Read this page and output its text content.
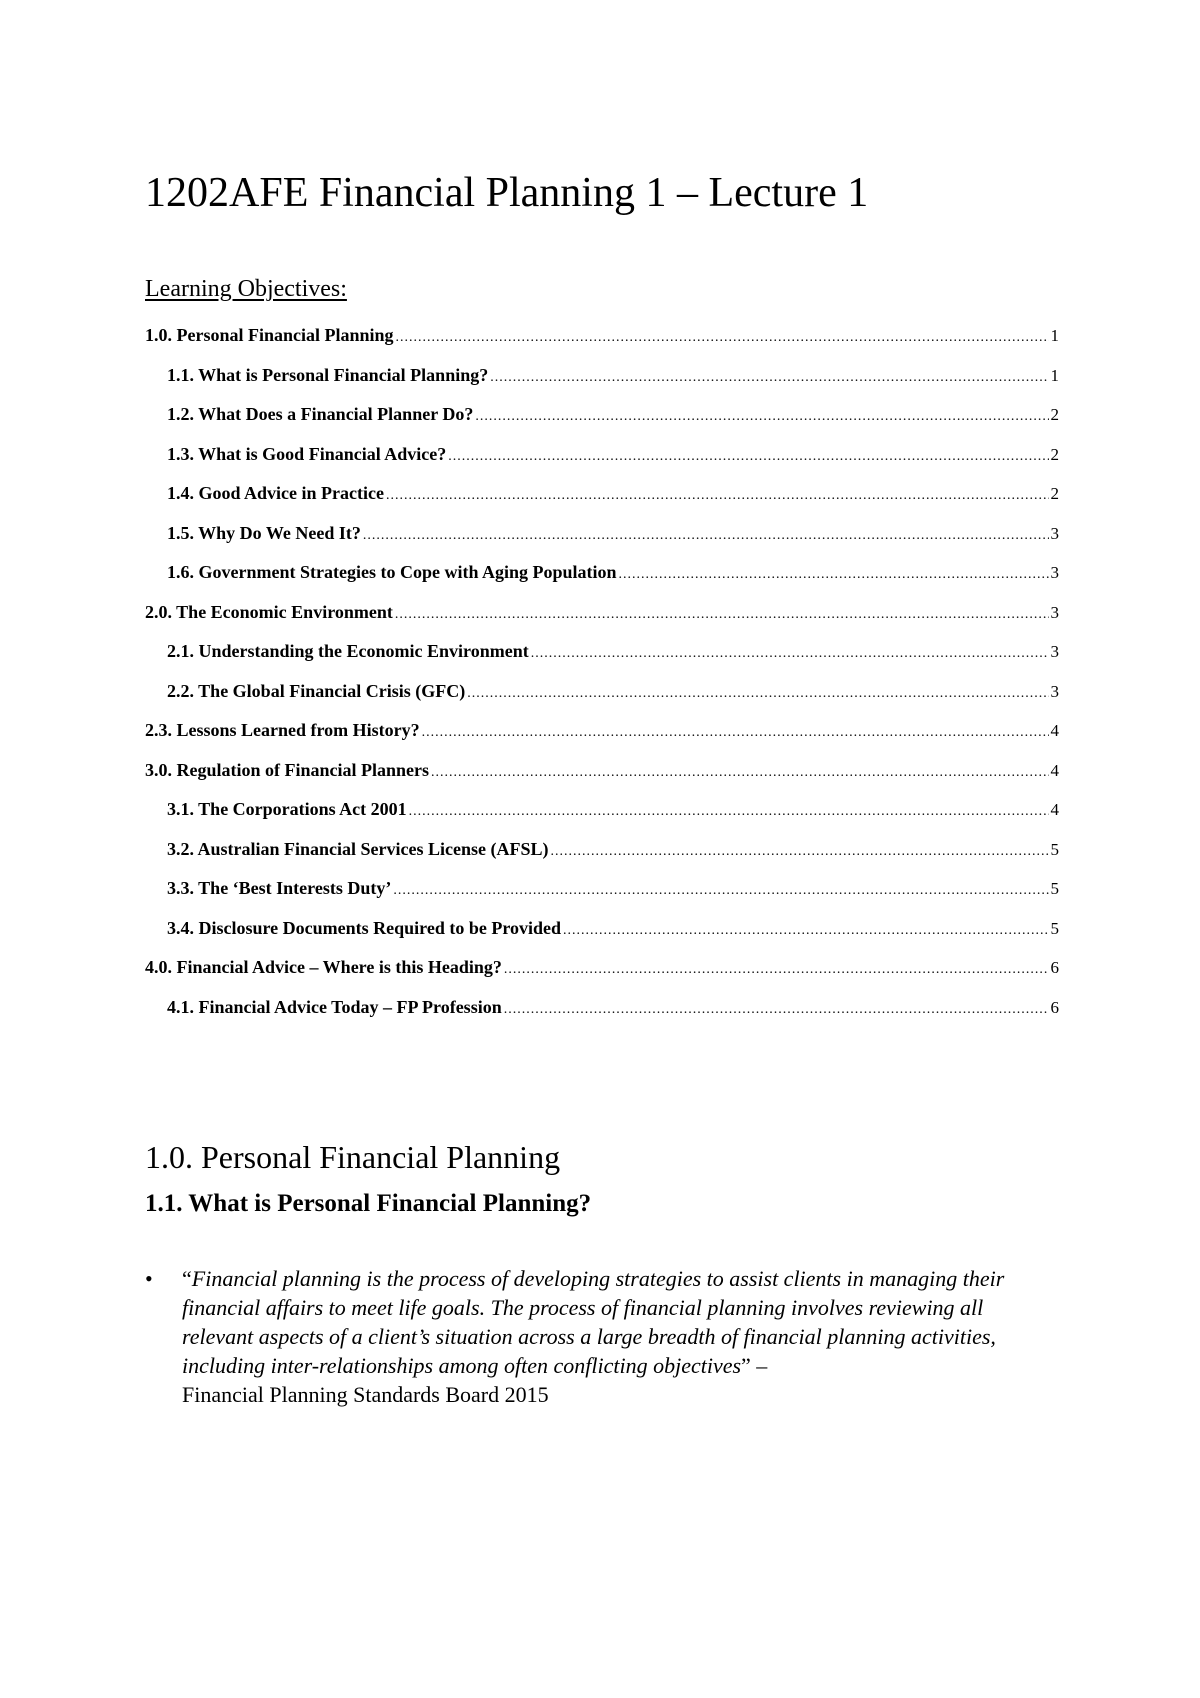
1202AFE Financial Planning 1 – Lecture 1
Learning Objectives:
1.0. Personal Financial Planning .....	1
1.1. What is Personal Financial Planning? .....	1
1.2. What Does a Financial Planner Do? .....	2
1.3. What is Good Financial Advice? .....	2
1.4. Good Advice in Practice .....	2
1.5. Why Do We Need It? .....	3
1.6. Government Strategies to Cope with Aging Population .....	3
2.0. The Economic Environment .....	3
2.1. Understanding the Economic Environment .....	3
2.2. The Global Financial Crisis (GFC) .....	3
2.3. Lessons Learned from History? .....	4
3.0. Regulation of Financial Planners .....	4
3.1. The Corporations Act 2001 .....	4
3.2. Australian Financial Services License (AFSL) .....	5
3.3. The ‘Best Interests Duty’ .....	5
3.4. Disclosure Documents Required to be Provided .....	5
4.0. Financial Advice – Where is this Heading? .....	6
4.1. Financial Advice Today – FP Profession .....	6
1.0. Personal Financial Planning
1.1. What is Personal Financial Planning?
• “Financial planning is the process of developing strategies to assist clients in managing their financial affairs to meet life goals. The process of financial planning involves reviewing all relevant aspects of a client’s situation across a large breadth of financial planning activities, including inter-relationships among often conflicting objectives” –
Financial Planning Standards Board 2015
